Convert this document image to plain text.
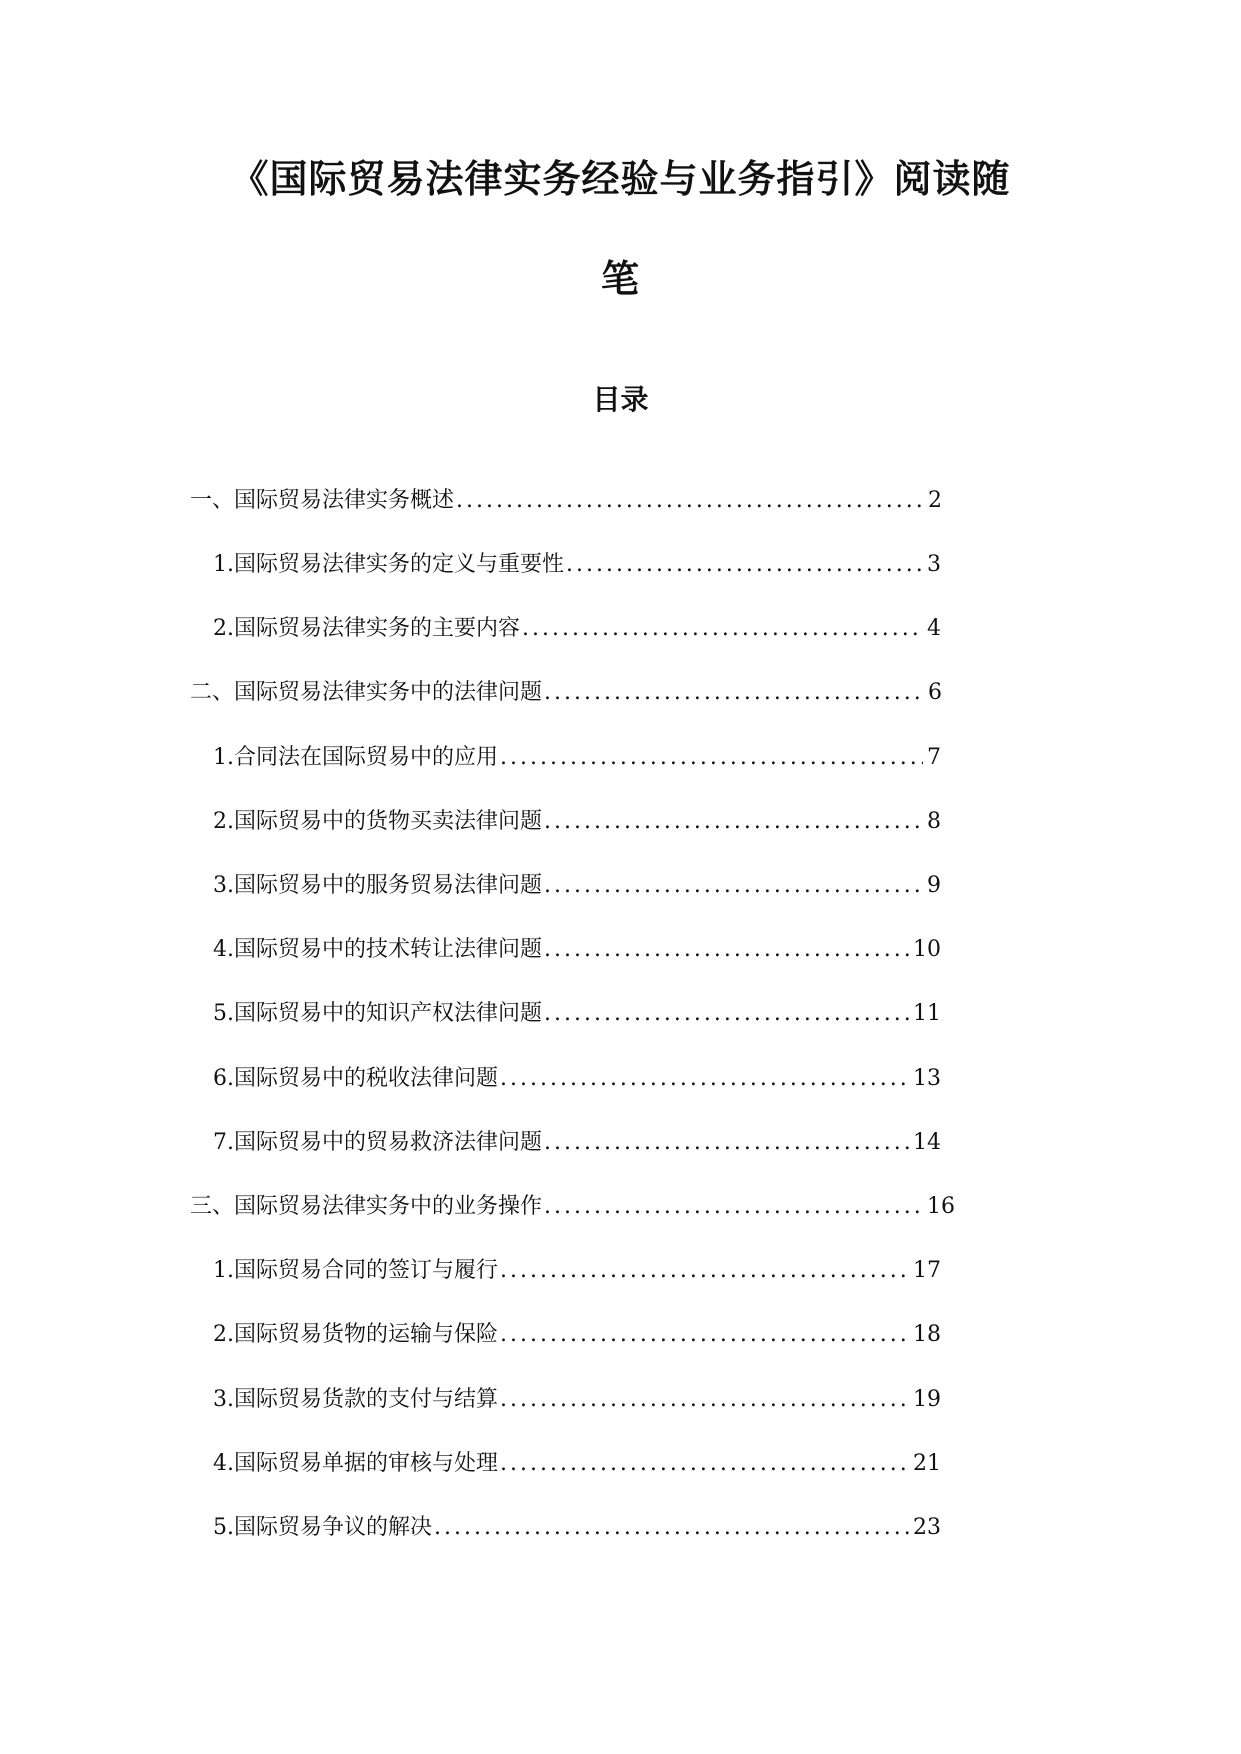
《国际贸易法律实务经验与业务指引》阅读随
笔
目录
一、国际贸易法律实务概述 .....	2
1. 国际贸易法律实务的定义与重要性 .....	3
2. 国际贸易法律实务的主要内容 .....	4
二、国际贸易法律实务中的法律问题 .....	6
1. 合同法在国际贸易中的应用 .....	7
2. 国际贸易中的货物买卖法律问题 .....	8
3. 国际贸易中的服务贸易法律问题 .....	9
4. 国际贸易中的技术转让法律问题 .....	10
5. 国际贸易中的知识产权法律问题 .....	11
6. 国际贸易中的税收法律问题 .....	13
7. 国际贸易中的贸易救济法律问题 .....	14
三、国际贸易法律实务中的业务操作 .....	16
1. 国际贸易合同的签订与履行 .....	17
2. 国际贸易货物的运输与保险 .....	18
3. 国际贸易货款的支付与结算 .....	19
4. 国际贸易单据的审核与处理 .....	21
5. 国际贸易争议的解决 .....	23
